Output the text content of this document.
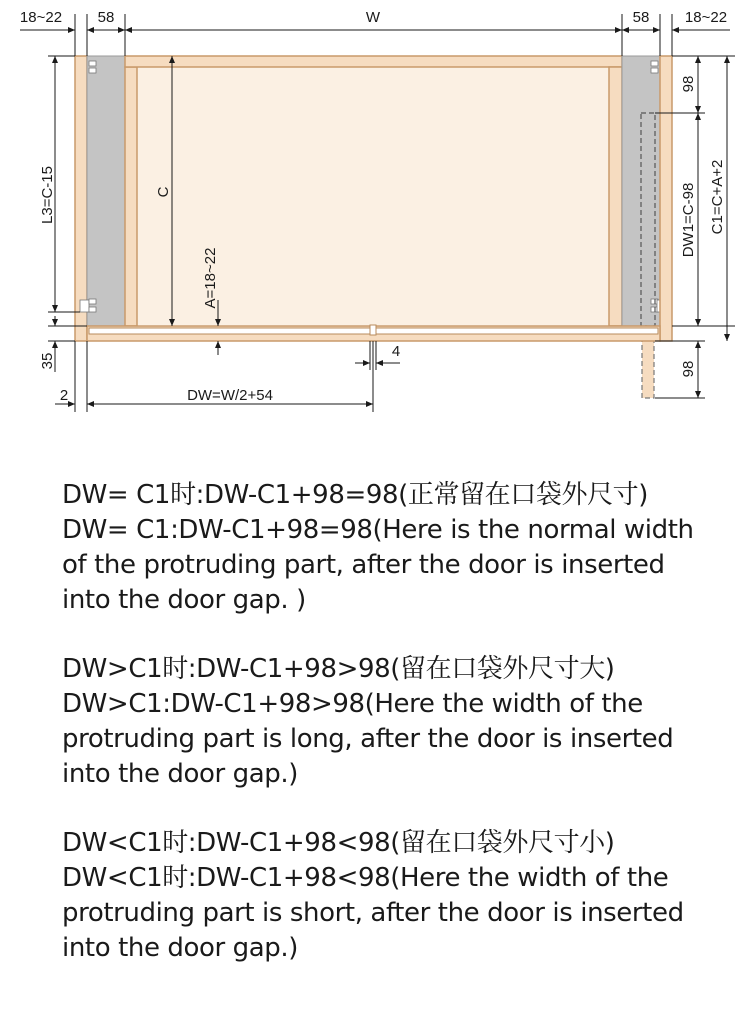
18~22 58	W	58 18~22
L3=C-15	C
A=18~22
35
2	DW=W/2+54
4
98
DW1=C-98
98
C1=C+A+2
DW= C1时:DW-C1+98=98(正常留在口袋外尺寸)
DW= C1:DW-C1+98=98(Here is the normal width
of the protruding part, after the door is inserted
into the door gap. )
DW>C1时:DW-C1+98>98(留在口袋外尺寸大)
DW>C1:DW-C1+98>98(Here the width of the
protruding part is long, after the door is inserted
into the door gap.)
DW<C1时:DW-C1+98<98(留在口袋外尺寸小)
DW<C1时:DW-C1+98<98(Here the width of the
protruding part is short, after the door is inserted
into the door gap.)
